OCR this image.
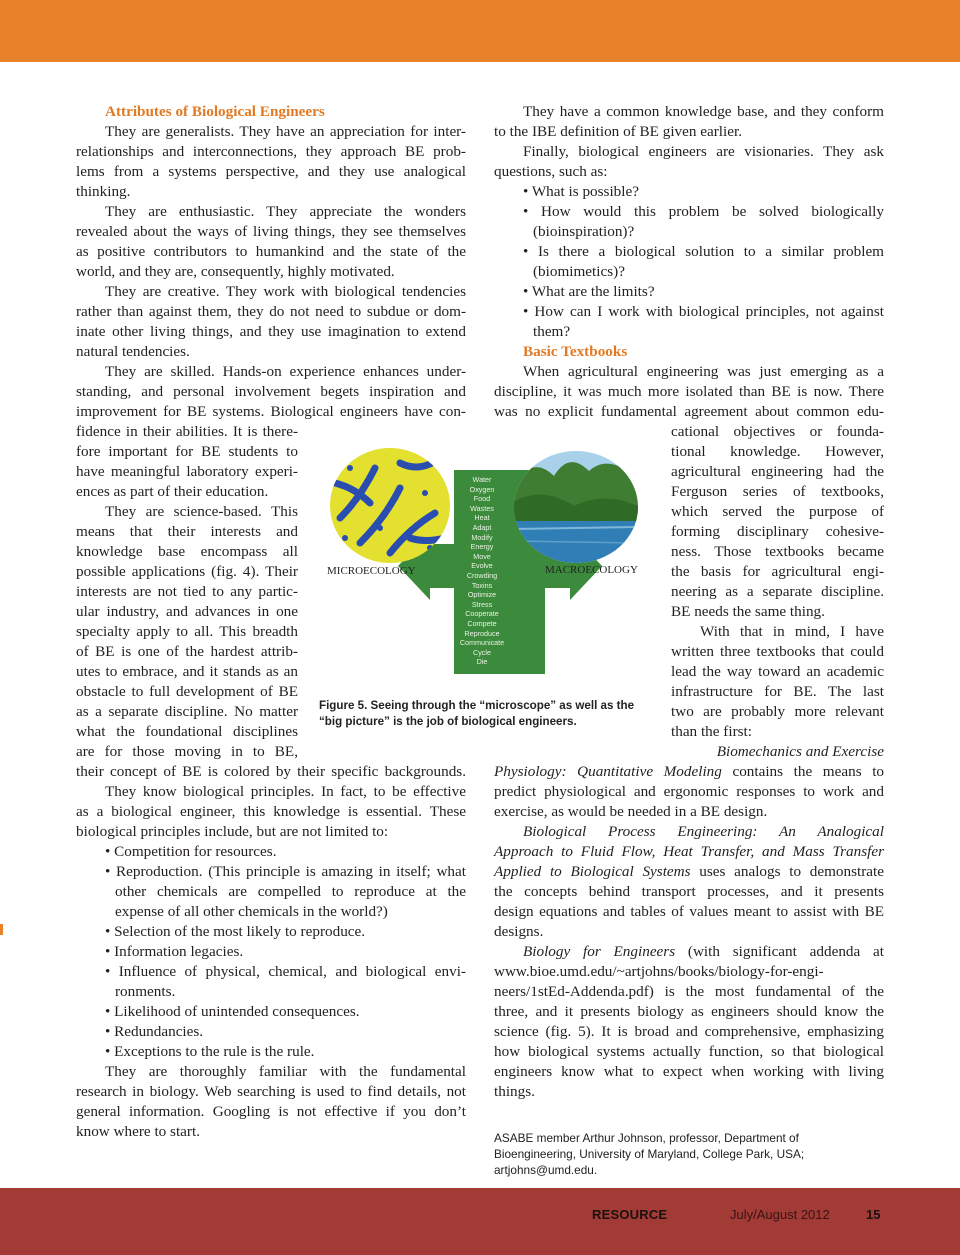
Attributes of Biological Engineers
They are generalists. They have an appreciation for inter-
relationships and interconnections, they approach BE prob-
lems from a systems perspective, and they use analogical
thinking.
They are enthusiastic. They appreciate the wonders
revealed about the ways of living things, they see themselves
as positive contributors to humankind and the state of the
world, and they are, consequently, highly motivated.
They are creative. They work with biological tendencies
rather than against them, they do not need to subdue or dom-
inate other living things, and they use imagination to extend
natural tendencies.
They are skilled. Hands-on experience enhances under-
standing, and personal involvement begets inspiration and
improvement for BE systems. Biological engineers have con-
fidence in their abilities. It is there-
fore important for BE students to
have meaningful laboratory experi-
ences as part of their education.
They are science-based. This
means that their interests and
knowledge base encompass all
possible applications (fig. 4). Their
interests are not tied to any partic-
ular industry, and advances in one
specialty apply to all. This breadth
of BE is one of the hardest attrib-
utes to embrace, and it stands as an
obstacle to full development of BE
as a separate discipline. No matter
what the foundational disciplines
are for those moving in to BE,
their concept of BE is colored by their specific backgrounds.
They know biological principles. In fact, to be effective
as a biological engineer, this knowledge is essential. These
biological principles include, but are not limited to:
• Competition for resources.
• Reproduction. (This principle is amazing in itself; what
other chemicals are compelled to reproduce at the
expense of all other chemicals in the world?)
• Selection of the most likely to reproduce.
• Information legacies.
• Influence of physical, chemical, and biological envi-
ronments.
• Likelihood of unintended consequences.
• Redundancies.
• Exceptions to the rule is the rule.
They are thoroughly familiar with the fundamental
research in biology. Web searching is used to find details, not
general information. Googling is not effective if you don’t
know where to start.
They have a common knowledge base, and they conform
to the IBE definition of BE given earlier.
Finally, biological engineers are visionaries. They ask
questions, such as:
• What is possible?
• How would this problem be solved biologically
(bioinspiration)?
• Is there a biological solution to a similar problem
(biomimetics)?
• What are the limits?
• How can I work with biological principles, not against
them?
Basic Textbooks
When agricultural engineering was just emerging as a
discipline, it was much more isolated than BE is now. There
was no explicit fundamental agreement about common edu-
cational objectives or founda-
tional knowledge. However,
agricultural engineering had the
Ferguson series of textbooks,
which served the purpose of
forming disciplinary cohesive-
ness. Those textbooks became
the basis for agricultural engi-
neering as a separate discipline.
BE needs the same thing.
With that in mind, I have
written three textbooks that could
lead the way toward an academic
infrastructure for BE. The last
two are probably more relevant
than the first:
Biomechanics and Exercise
Physiology: Quantitative Modeling contains the means to
predict physiological and ergonomic responses to work and
exercise, as would be needed in a BE design.
Biological Process Engineering: An Analogical
Approach to Fluid Flow, Heat Transfer, and Mass Transfer
Applied to Biological Systems uses analogs to demonstrate
the concepts behind transport processes, and it presents
design equations and tables of values meant to assist with BE
designs.
Biology for Engineers (with significant addenda at
www.bioe.umd.edu/~artjohns/books/biology-for-engi-
neers/1stEd-Addenda.pdf) is the most fundamental of the
three, and it presents biology as engineers should know the
science (fig. 5). It is broad and comprehensive, emphasizing
how biological systems actually function, so that biological
engineers know what to expect when working with living
things.
MICROECOLOGY	MACROECOLOGY
Water
Oxygen
Food
Wastes
Heat
Adapt
Modify
Energy
Move
Evolve
Crowding
Toxins
Optimize
Stress
Cooperate
Compete
Reproduce
Communicate
Cycle
Die
Figure 5. Seeing through the “microscope” as well as the
“big picture” is the job of biological engineers.
ASABE member Arthur Johnson, professor, Department of
Bioengineering, University of Maryland, College Park, USA;
artjohns@umd.edu.
RESOURCE	July/August 2012	15
